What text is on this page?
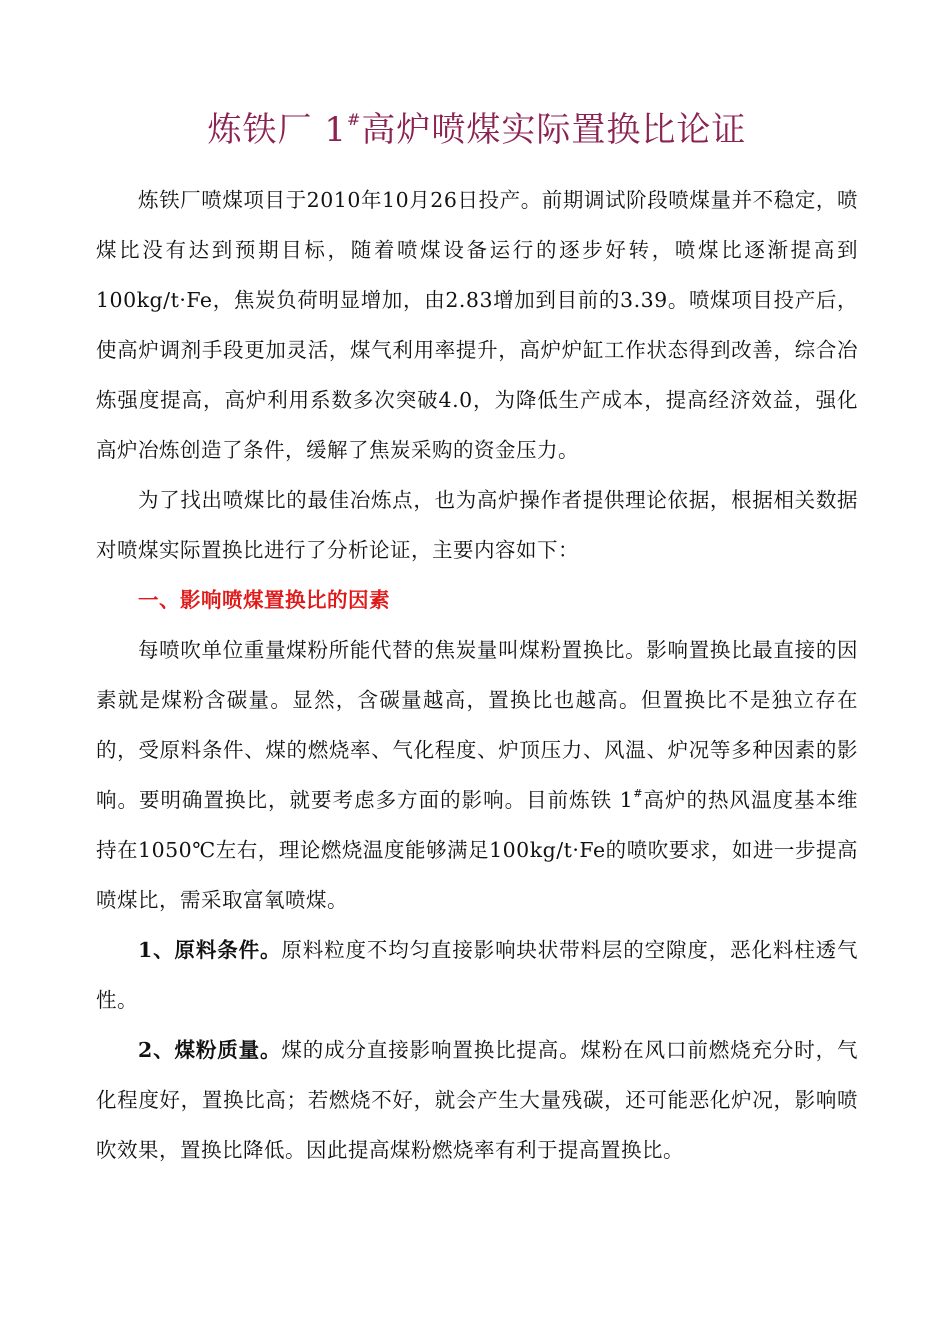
炼铁厂 1#高炉喷煤实际置换比论证

炼铁厂喷煤项目于2010年10月26日投产。前期调试阶段喷煤量并不稳定，喷煤比没有达到预期目标，随着喷煤设备运行的逐步好转，喷煤比逐渐提高到100kg/t·Fe，焦炭负荷明显增加，由2.83增加到目前的3.39。喷煤项目投产后，使高炉调剂手段更加灵活，煤气利用率提升，高炉炉缸工作状态得到改善，综合冶炼强度提高，高炉利用系数多次突破4.0，为降低生产成本，提高经济效益，强化高炉冶炼创造了条件，缓解了焦炭采购的资金压力。

为了找出喷煤比的最佳冶炼点，也为高炉操作者提供理论依据，根据相关数据对喷煤实际置换比进行了分析论证，主要内容如下：

一、影响喷煤置换比的因素

每喷吹单位重量煤粉所能代替的焦炭量叫煤粉置换比。影响置换比最直接的因素就是煤粉含碳量。显然，含碳量越高，置换比也越高。但置换比不是独立存在的，受原料条件、煤的燃烧率、气化程度、炉顶压力、风温、炉况等多种因素的影响。要明确置换比，就要考虑多方面的影响。目前炼铁 1#高炉的热风温度基本维持在1050℃左右，理论燃烧温度能够满足100kg/t·Fe的喷吹要求，如进一步提高喷煤比，需采取富氧喷煤。

1、原料条件。原料粒度不均匀直接影响块状带料层的空隙度，恶化料柱透气性。

2、煤粉质量。煤的成分直接影响置换比提高。煤粉在风口前燃烧充分时，气化程度好，置换比高；若燃烧不好，就会产生大量残碳，还可能恶化炉况，影响喷吹效果，置换比降低。因此提高煤粉燃烧率有利于提高置换比。
